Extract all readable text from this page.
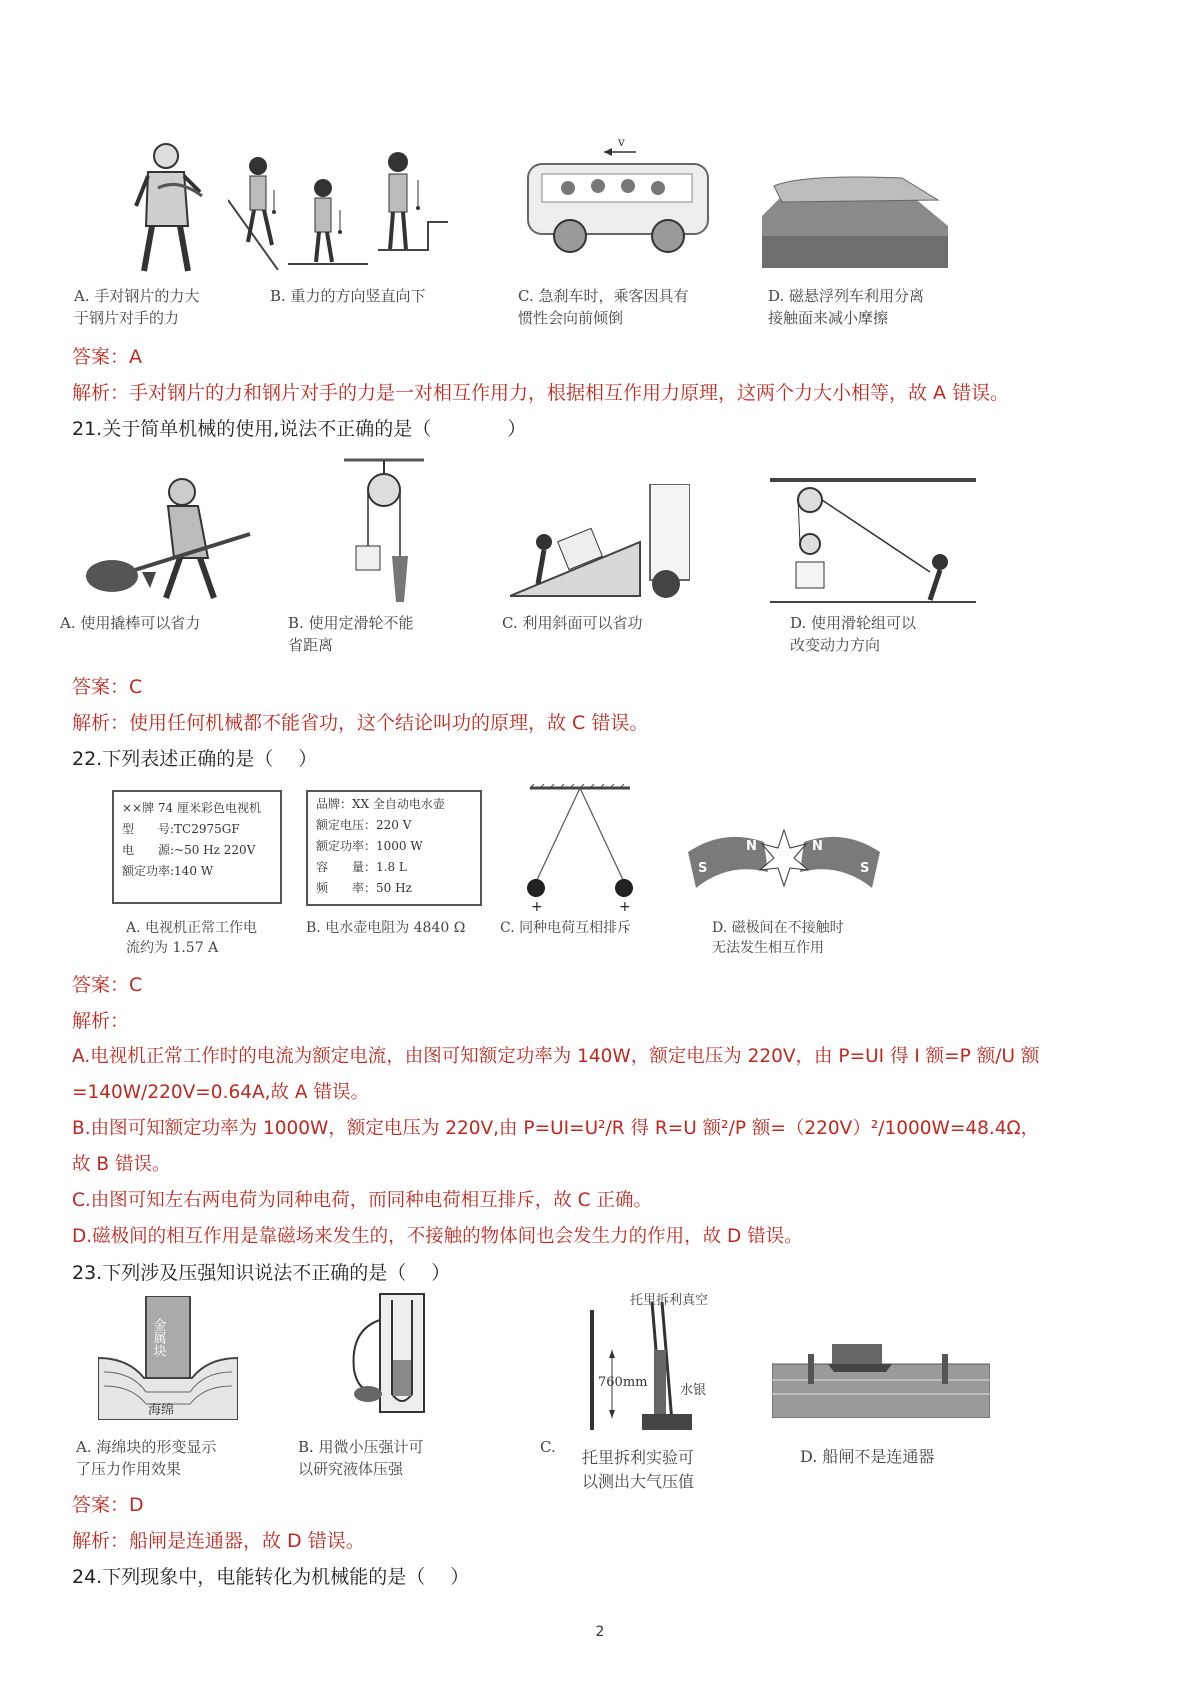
v
A. 手对钢片的力大
于钢片对手的力
B. 重力的方向竖直向下	C. 急刹车时，乘客因具有
惯性会向前倾倒
D. 磁悬浮列车利用分离
接触面来减小摩擦
答案：A
解析：手对钢片的力和钢片对手的力是一对相互作用力，根据相互作用力原理，这两个力大小相等，故 A 错误。
21.关于简单机械的使用,说法不正确的是（　　　　）
A. 使用撬棒可以省力	B. 使用定滑轮不能
省距离
C. 利用斜面可以省功	D. 使用滑轮组可以
改变动力方向
答案：C
解析：使用任何机械都不能省功，这个结论叫功的原理，故 C 错误。
22.下列表述正确的是（　 ）
××牌 74 厘米彩色电视机
型　　号:TC2975GF
电　　源:~50 Hz 220V
额定功率:140 W
品牌：XX 全自动电水壶
额定电压：220 V
额定功率：1000 W
容　　量：1.8 L
频　　率：50 Hz
+	+
N
S
N
S
A. 电视机正常工作电
流约为 1.57 A
B. 电水壶电阻为 4840 Ω C. 同种电荷互相排斥	D. 磁极间在不接触时
无法发生相互作用
答案：C
解析：
A.电视机正常工作时的电流为额定电流，由图可知额定功率为 140W，额定电压为 220V，由 P=UI 得 I 额=P 额/U 额
=140W/220V=0.64A,故 A 错误。
B.由图可知额定功率为 1000W，额定电压为 220V,由 P=UI=U²/R 得 R=U 额²/P 额=（220V）²/1000W=48.4Ω，
故 B 错误。
C.由图可知左右两电荷为同种电荷，而同种电荷相互排斥，故 C 正确。
D.磁极间的相互作用是靠磁场来发生的，不接触的物体间也会发生力的作用，故 D 错误。
23.下列涉及压强知识说法不正确的是（　 ）
金属块
海绵
760mm
水银
托里拆利真空
A. 海绵块的形变显示
了压力作用效果
B. 用微小压强计可
以研究液体压强
C.
托里拆利实验可
以测出大气压值
D. 船闸不是连通器
答案：D
解析：船闸是连通器，故 D 错误。
24.下列现象中，电能转化为机械能的是（　 ）
2
